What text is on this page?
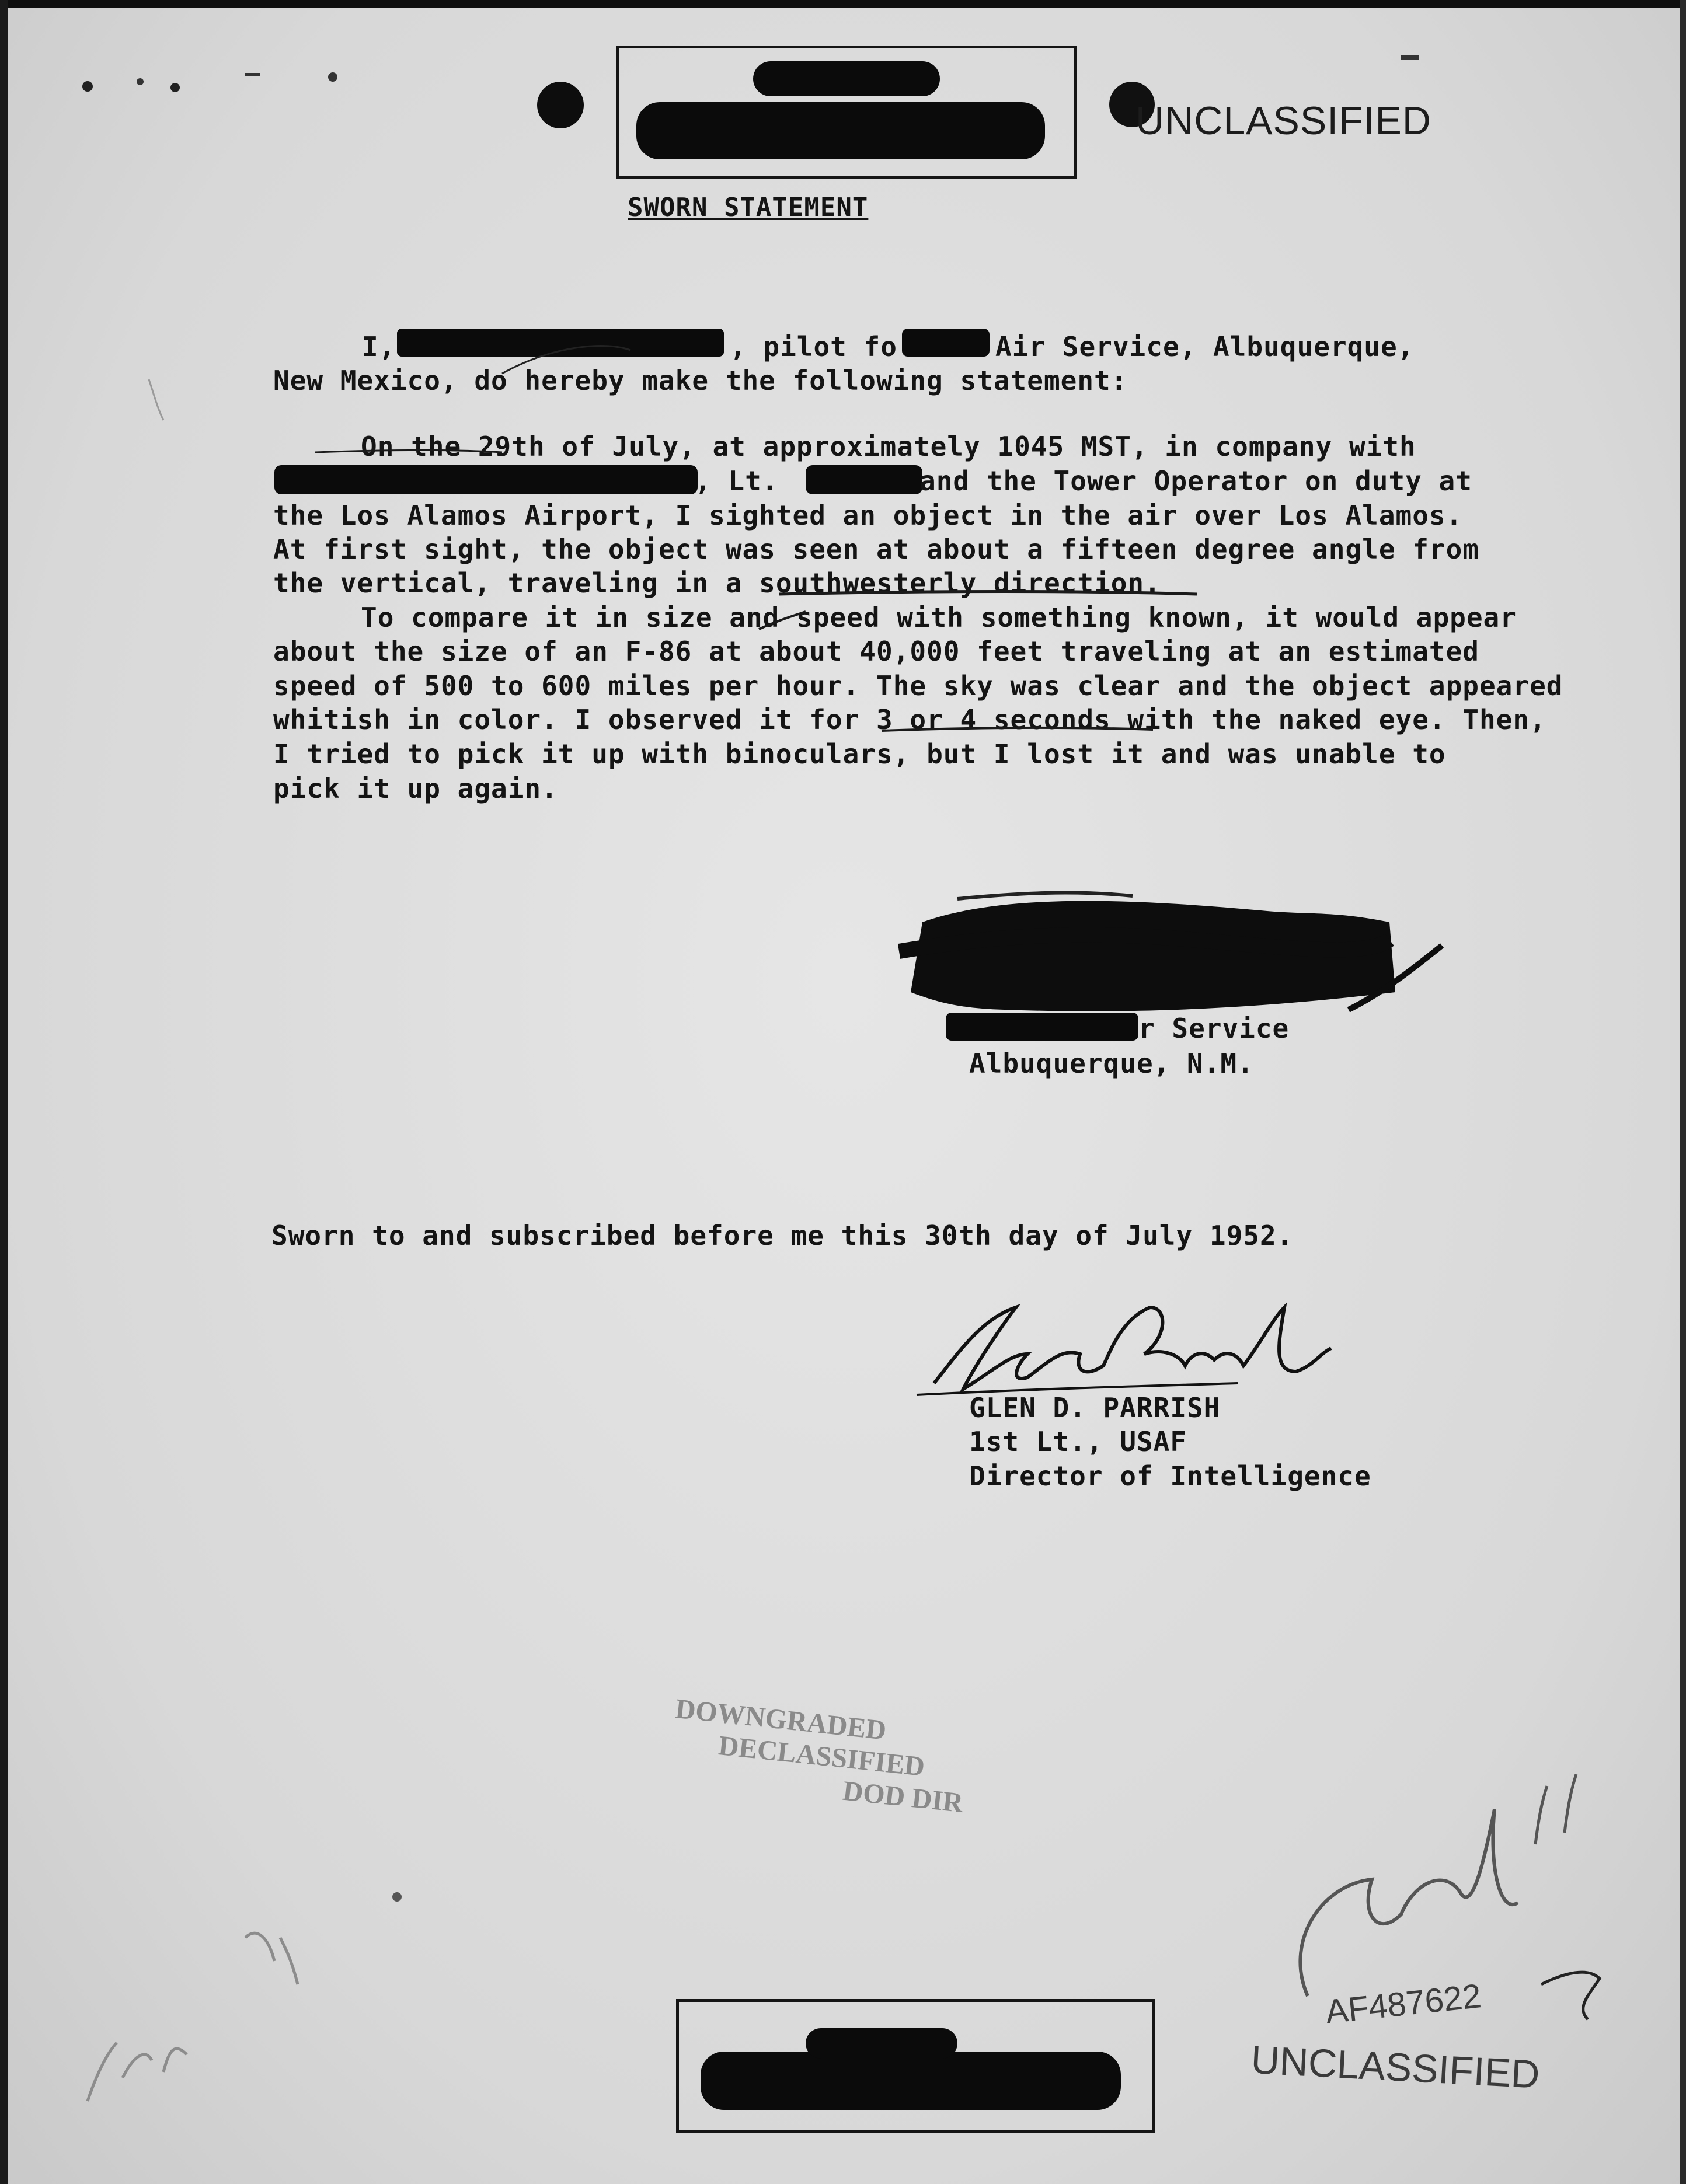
UNCLASSIFIED
SWORN STATEMENT
I,	, pilot fo	Air Service, Albuquerque,
New Mexico, do hereby make the following statement:
On the 29th of July, at approximately 1045 MST, in company with
, Lt.	and the Tower Operator on duty at
the Los Alamos Airport, I sighted an object in the air over Los Alamos.
At first sight, the object was seen at about a fifteen degree angle from
the vertical, traveling in a southwesterly direction.
To compare it in size and speed with something known, it would appear
about the size of an F-86 at about 40,000 feet traveling at an estimated
speed of 500 to 600 miles per hour. The sky was clear and the object appeared
whitish in color. I observed it for 3 or 4 seconds with the naked eye. Then,
I tried to pick it up with binoculars, but I lost it and was unable to
pick it up again.
r Service
Albuquerque, N.M.
Sworn to and subscribed before me this 30th day of July 1952.
GLEN D. PARRISH
1st Lt., USAF
Director of Intelligence
DOWNGRADED
DECLASSIFIED
DOD DIR
AF487622
UNCLASSIFIED
